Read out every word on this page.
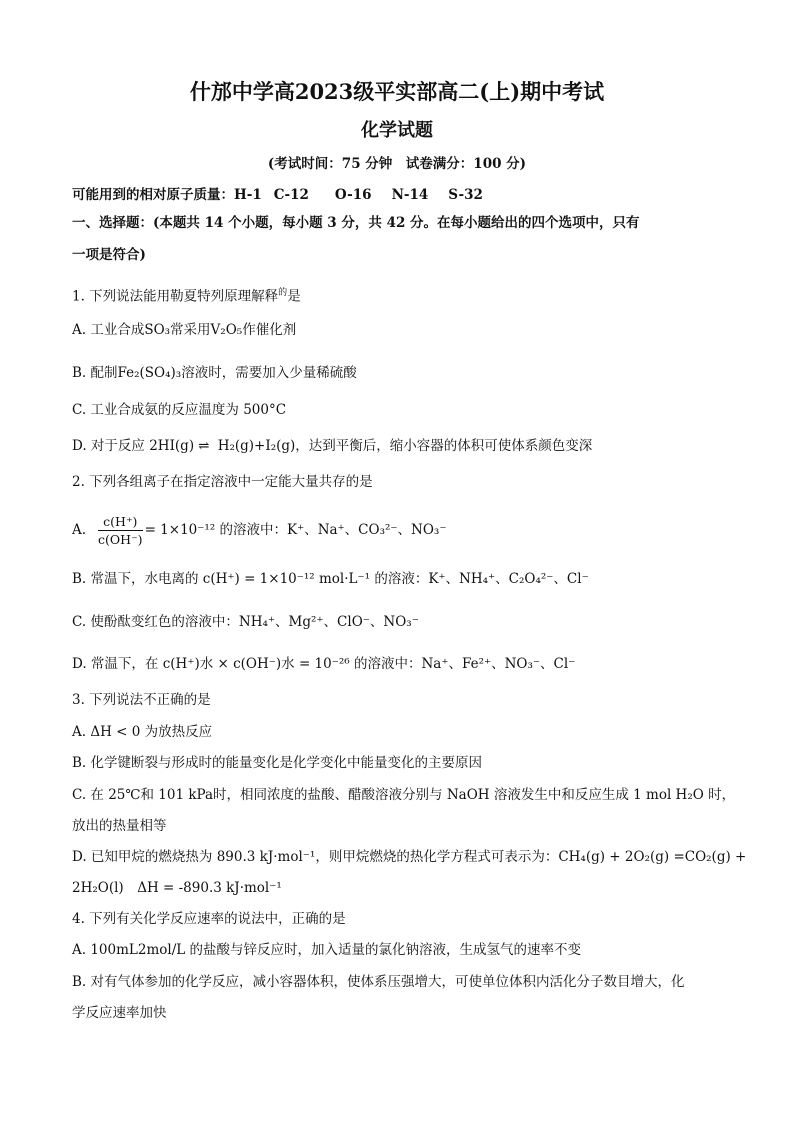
什邡中学高2023级平实部高二(上)期中考试
化学试题
(考试时间：75 分钟　试卷满分：100 分)
可能用到的相对原子质量：H-1 C-12 O-16 N-14 S-32
一、选择题：(本题共 14 个小题，每小题 3 分，共 42 分。在每小题给出的四个选项中，只有
一项是符合)
1. 下列说法能用勒夏特列原理解释$^的$是
A. 工业合成SO₃常采用V₂O₅作催化剂
B. 配制Fe₂(SO₄)₃溶液时，需要加入少量稀硫酸
C. 工业合成氨的反应温度为 500°C
D. 对于反应 2HI(g) ⇌ H₂(g)+I₂(g)，达到平衡后，缩小容器的体积可使体系颜色变深
2. 下列各组离子在指定溶液中一定能大量共存的是
A. $\frac{c(H^+)}{c(OH^-)} = 1\times 10^{-12}$ 的溶液中：K⁺、Na⁺、CO₃²⁻、NO₃⁻
B. 常温下，水电离的 c(H⁺) = 1×10⁻¹² mol·L⁻¹ 的溶液：K⁺、NH₄⁺、C₂O₄²⁻、Cl⁻
C. 使酚酞变红色的溶液中：NH₄⁺、Mg²⁺、ClO⁻、NO₃⁻
D. 常温下，在 c(H⁺)水 × c(OH⁻)水 = 10⁻²⁶ 的溶液中：Na⁺、Fe²⁺、NO₃⁻、Cl⁻
3. 下列说法不正确的是
A. ΔH < 0 为放热反应
B. 化学键断裂与形成时的能量变化是化学变化中能量变化的主要原因
C. 在 25℃和 101 kPa时，相同浓度的盐酸、醋酸溶液分别与 NaOH 溶液发生中和反应生成 1 mol H₂O 时，
放出的热量相等
D. 已知甲烷的燃烧热为 890.3 kJ·mol⁻¹，则甲烷燃烧的热化学方程式可表示为：CH₄(g) + 2O₂(g) =CO₂(g) +
2H₂O(l)　ΔH = -890.3 kJ·mol⁻¹
4. 下列有关化学反应速率的说法中，正确的是
A. 100mL2mol/L 的盐酸与锌反应时，加入适量的氯化钠溶液，生成氢气的速率不变
B. 对有气体参加的化学反应，减小容器体积，使体系压强增大，可使单位体积内活化分子数目增大，化
学反应速率加快
